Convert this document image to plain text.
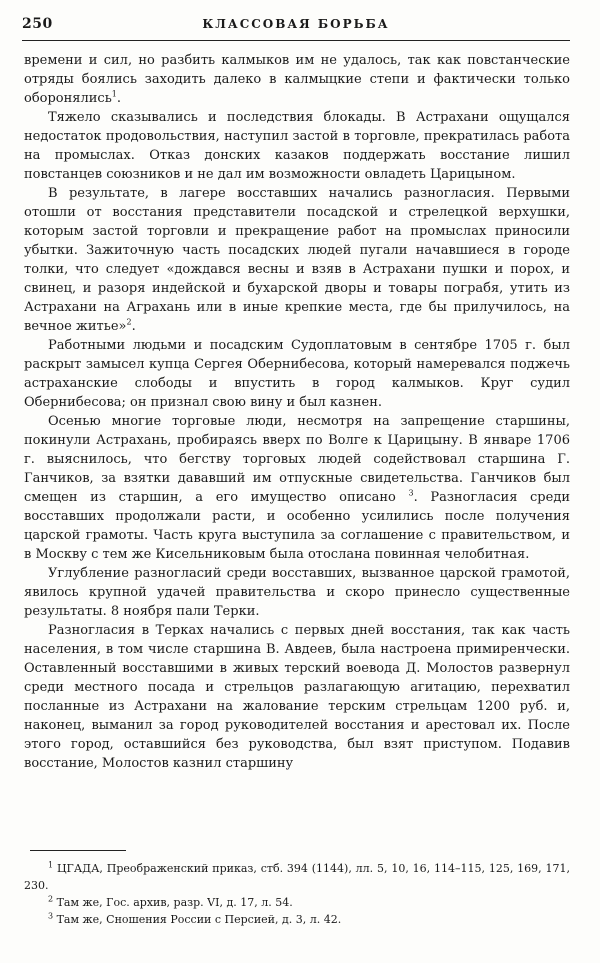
250	КЛАССОВАЯ БОРЬБА

времени и сил, но разбить калмыков им не удалось, так как повстанческие отряды боялись заходить далеко в калмыцкие степи и фактически только оборонялись$^1$.

Тяжело сказывались и последствия блокады. В Астрахани ощущался недостаток продовольствия, наступил застой в торговле, прекратилась работа на промыслах. Отказ донских казаков поддержать восстание лишил повстанцев союзников и не дал им возможности овладеть Царицыном.

В результате, в лагере восставших начались разногласия. Первыми отошли от восстания представители посадской и стрелецкой верхушки, которым застой торговли и прекращение работ на промыслах приносили убытки. Зажиточную часть посадских людей пугали начавшиеся в городе толки, что следует «дождався весны и взяв в Астрахани пушки и порох, и свинец, и разоря индейской и бухарской дворы и товары пограбя, утить из Астрахани на Аграхань или в иные крепкие места, где бы прилучилось, на вечное житье»$^2$.

Работными людьми и посадским Судоплатовым в сентябре 1705 г. был раскрыт замысел купца Сергея Обернибесова, который намеревался поджечь астраханские слободы и впустить в город калмыков. Круг судил Обернибесова; он признал свою вину и был казнен.

Осенью многие торговые люди, несмотря на запрещение старшины, покинули Астрахань, пробираясь вверх по Волге к Царицыну. В январе 1706 г. выяснилось, что бегству торговых людей содействовал старшина Г. Ганчиков, за взятки дававший им отпускные свидетельства. Ганчиков был смещен из старшин, а его имущество описано $^3$. Разногласия среди восставших продолжали расти, и особенно усилились после получения царской грамоты. Часть круга выступила за соглашение с правительством, и в Москву с тем же Кисельниковым была отослана повинная челобитная.

Углубление разногласий среди восставших, вызванное царской грамотой, явилось крупной удачей правительства и скоро принесло существенные результаты. 8 ноября пали Терки.

Разногласия в Терках начались с первых дней восстания, так как часть населения, в том числе старшина В. Авдеев, была настроена примиренчески. Оставленный восставшими в живых терский воевода Д. Молостов развернул среди местного посада и стрельцов разлагающую агитацию, перехватил посланные из Астрахани на жалование терским стрельцам 1200 руб. и, наконец, выманил за город руководителей восстания и арестовал их. После этого город, оставшийся без руководства, был взят приступом. Подавив восстание, Молостов казнил старшину

$^1$ ЦГАДА, Преображенский приказ, стб. 394 (1144), лл. 5, 10, 16, 114–115, 125, 169, 171, 230.

$^2$ Там же, Гос. архив, разр. VI, д. 17, л. 54.

$^3$ Там же, Сношения России с Персией, д. 3, л. 42.
